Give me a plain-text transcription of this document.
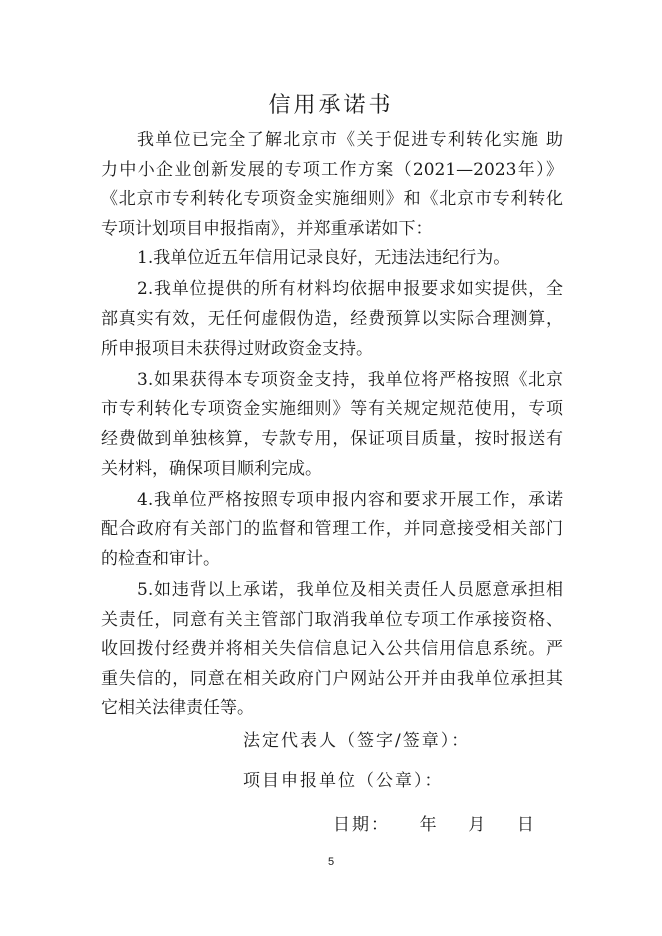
信用承诺书
我单位已完全了解北京市《关于促进专利转化实施 助
力中小企业创新发展的专项工作方案（2021—2023年）》
《北京市专利转化专项资金实施细则》和《北京市专利转化
专项计划项目申报指南》，并郑重承诺如下：
1.我单位近五年信用记录良好，无违法违纪行为。
2.我单位提供的所有材料均依据申报要求如实提供，全
部真实有效，无任何虚假伪造，经费预算以实际合理测算，
所申报项目未获得过财政资金支持。
3.如果获得本专项资金支持，我单位将严格按照《北京
市专利转化专项资金实施细则》等有关规定规范使用，专项
经费做到单独核算，专款专用，保证项目质量，按时报送有
关材料，确保项目顺利完成。
4.我单位严格按照专项申报内容和要求开展工作，承诺
配合政府有关部门的监督和管理工作，并同意接受相关部门
的检查和审计。
5.如违背以上承诺，我单位及相关责任人员愿意承担相
关责任，同意有关主管部门取消我单位专项工作承接资格、
收回拨付经费并将相关失信信息记入公共信用信息系统。严
重失信的，同意在相关政府门户网站公开并由我单位承担其
它相关法律责任等。
法定代表人（签字/签章）：
项目申报单位（公章）：
日期：    年    月    日
5
